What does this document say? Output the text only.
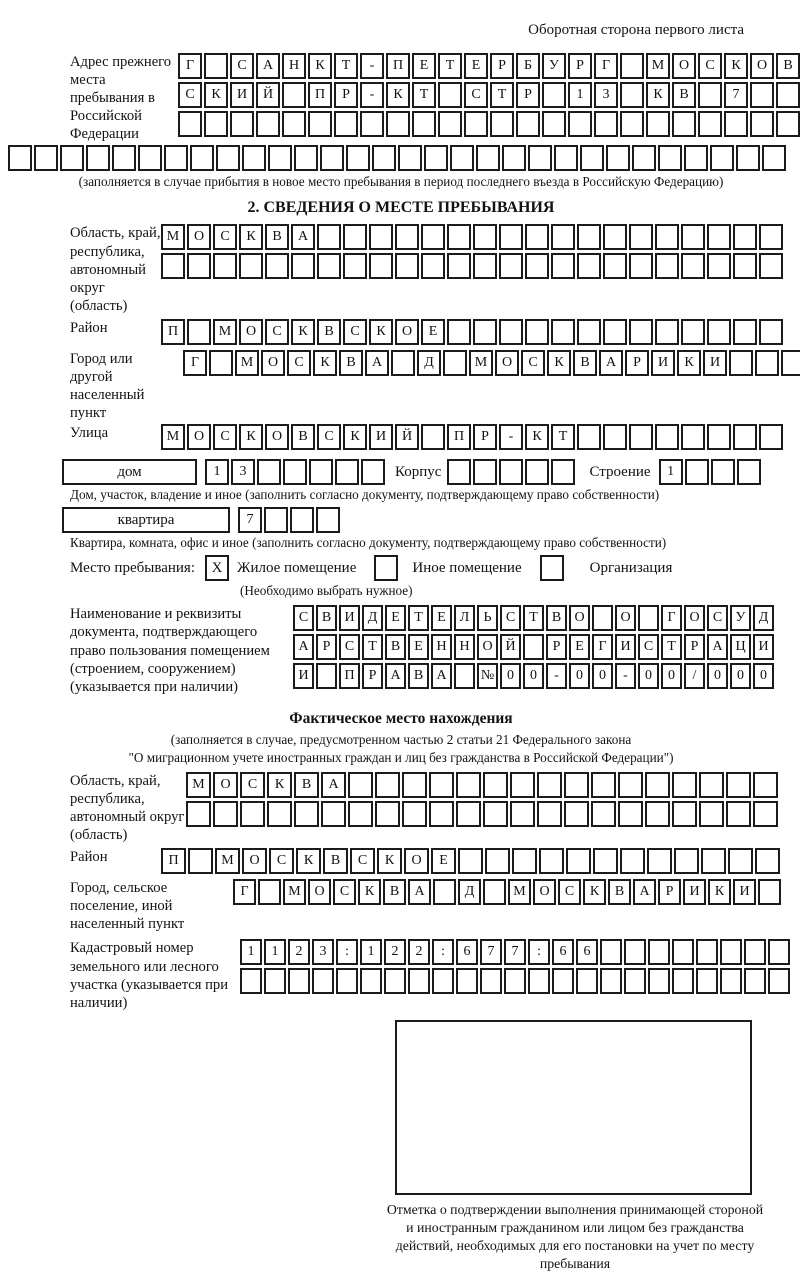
Оборотная сторона первого листа
Адрес прежнего места пребывания в Российской Федерации
Г	С	А	Н	К	Т	-	П	Е	Т	Е	Р	Б	У	Р	Г	М	О	С	К	О	В
С	К	И	Й	П	Р	-	К	Т	С	Т	Р	1	3	К	В	7
(заполняется в случае прибытия в новое место пребывания в период последнего въезда в Российскую Федерацию)
2. СВЕДЕНИЯ О МЕСТЕ ПРЕБЫВАНИЯ
Область, край, республика, автономный округ (область)
М	О	С	К	В	А
Район	П	М	О	С	К	В	С	К	О	Е
Город или другой населенный пункт
Г	М	О	С	К	В	А	Д	М	О	С	К	В	А	Р	И	К	И
Улица	М	О	С	К	О	В	С	К	И	Й	П	Р	-	К	Т
дом	1	3	Корпус	Строение	1
Дом, участок, владение и иное (заполнить согласно документу, подтверждающему право собственности)
квартира	7
Квартира, комната, офис и иное (заполнить согласно документу, подтверждающему право собственности)
Место пребывания:	X Жилое помещение	Иное помещение	Организация
(Необходимо выбрать нужное)
Наименование и реквизиты документа, подтверждающего право пользования помещением (строением, сооружением) (указывается при наличии)
С В И Д Е	Т	Е Л	Ь	С	Т	В О	О	Г О С У Д
А	Р	С	Т	В	Е Н Н О Й	Р	Е	Г И С	Т	Р	А Ц И
И	П	Р	А В А	№ 0	0	-	0	0	-	0	0	/	0	0	0
Фактическое место нахождения
(заполняется в случае, предусмотренном частью 2 статьи 21 Федерального закона
"О миграционном учете иностранных граждан и лиц без гражданства в Российской Федерации")
Область, край, республика, автономный округ (область)
М	О	С	К	В	А
Район	П	М	О	С	К	В	С	К	О	Е
Город, сельское поселение, иной населенный пункт
Г	М О	С	К	В	А	Д	М О	С	К	В	А	Р	И	К	И
Кадастровый номер земельного или лесного участка (указывается при наличии)
1	1	2	3	:	1	2	2	:	6	7	7	:	6	6
Отметка о подтверждении выполнения принимающей стороной и иностранным гражданином или лицом без гражданства действий, необходимых для его постановки на учет по месту пребывания
